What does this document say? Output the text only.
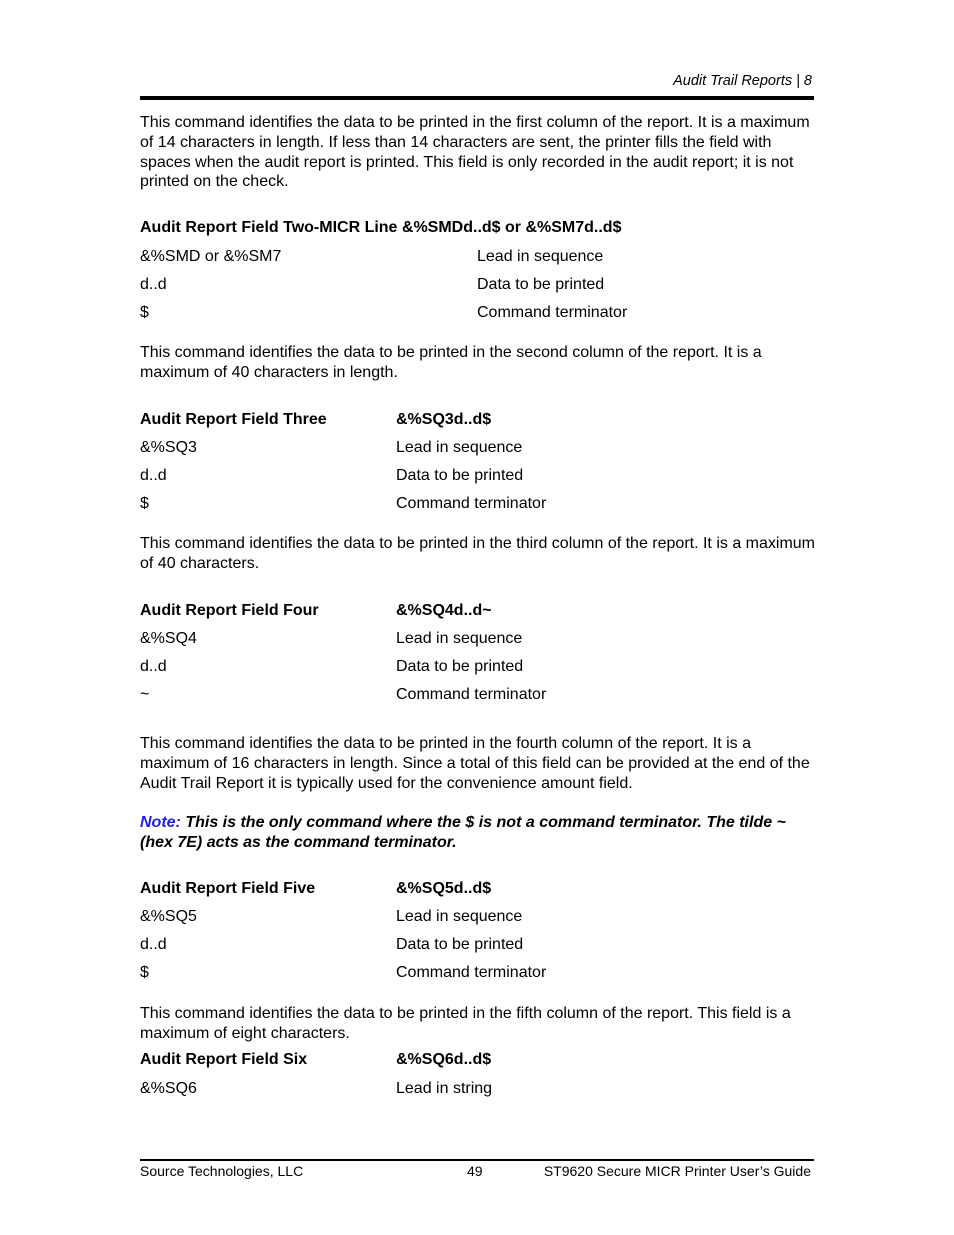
Audit Trail Reports | 8

This command identifies the data to be printed in the first column of the report. It is a maximum of 14 characters in length. If less than 14 characters are sent, the printer fills the field with spaces when the audit report is printed. This field is only recorded in the audit report; it is not printed on the check.

Audit Report Field Two-MICR Line &%SMDd..d$ or &%SM7d..d$
&%SMD or &%SM7	Lead in sequence
d..d	Data to be printed
$	Command terminator

This command identifies the data to be printed in the second column of the report. It is a maximum of 40 characters in length.

Audit Report Field Three	&%SQ3d..d$
&%SQ3	Lead in sequence
d..d	Data to be printed
$	Command terminator

This command identifies the data to be printed in the third column of the report. It is a maximum of 40 characters.

Audit Report Field Four	&%SQ4d..d~
&%SQ4	Lead in sequence
d..d	Data to be printed
~	Command terminator

This command identifies the data to be printed in the fourth column of the report. It is a maximum of 16 characters in length. Since a total of this field can be provided at the end of the Audit Trail Report it is typically used for the convenience amount field.

Note: This is the only command where the $ is not a command terminator. The tilde ~ (hex 7E) acts as the command terminator.

Audit Report Field Five	&%SQ5d..d$
&%SQ5	Lead in sequence
d..d	Data to be printed
$	Command terminator

This command identifies the data to be printed in the fifth column of the report. This field is a maximum of eight characters.

Audit Report Field Six	&%SQ6d..d$
&%SQ6	Lead in string
Source Technologies, LLC	49	ST9620 Secure MICR Printer User’s Guide
